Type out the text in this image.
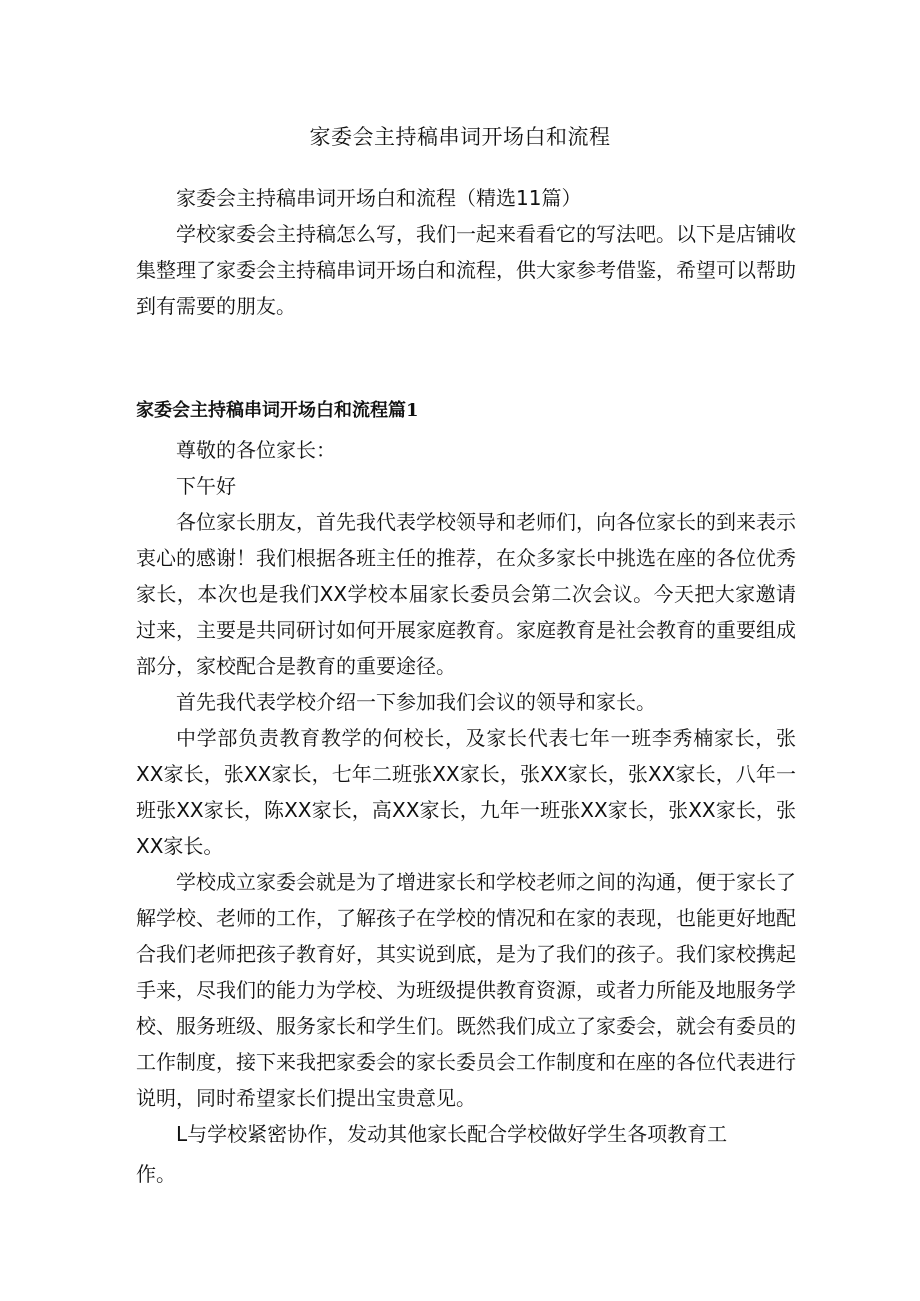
家委会主持稿串词开场白和流程

家委会主持稿串词开场白和流程（精选11篇）

学校家委会主持稿怎么写，我们一起来看看它的写法吧。以下是店铺收集整理了家委会主持稿串词开场白和流程，供大家参考借鉴，希望可以帮助到有需要的朋友。

家委会主持稿串词开场白和流程篇1

尊敬的各位家长：

下午好

各位家长朋友，首先我代表学校领导和老师们，向各位家长的到来表示衷心的感谢！我们根据各班主任的推荐，在众多家长中挑选在座的各位优秀家长，本次也是我们XX学校本届家长委员会第二次会议。今天把大家邀请过来，主要是共同研讨如何开展家庭教育。家庭教育是社会教育的重要组成部分，家校配合是教育的重要途径。

首先我代表学校介绍一下参加我们会议的领导和家长。

中学部负责教育教学的何校长，及家长代表七年一班李秀楠家长，张XX家长，张XX家长，七年二班张XX家长，张XX家长，张XX家长，八年一班张XX家长，陈XX家长，高XX家长，九年一班张XX家长，张XX家长，张XX家长。

学校成立家委会就是为了增进家长和学校老师之间的沟通，便于家长了解学校、老师的工作，了解孩子在学校的情况和在家的表现，也能更好地配合我们老师把孩子教育好，其实说到底，是为了我们的孩子。我们家校携起手来，尽我们的能力为学校、为班级提供教育资源，或者力所能及地服务学校、服务班级、服务家长和学生们。既然我们成立了家委会，就会有委员的工作制度，接下来我把家委会的家长委员会工作制度和在座的各位代表进行说明，同时希望家长们提出宝贵意见。

L与学校紧密协作，发动其他家长配合学校做好学生各项教育工

作。
